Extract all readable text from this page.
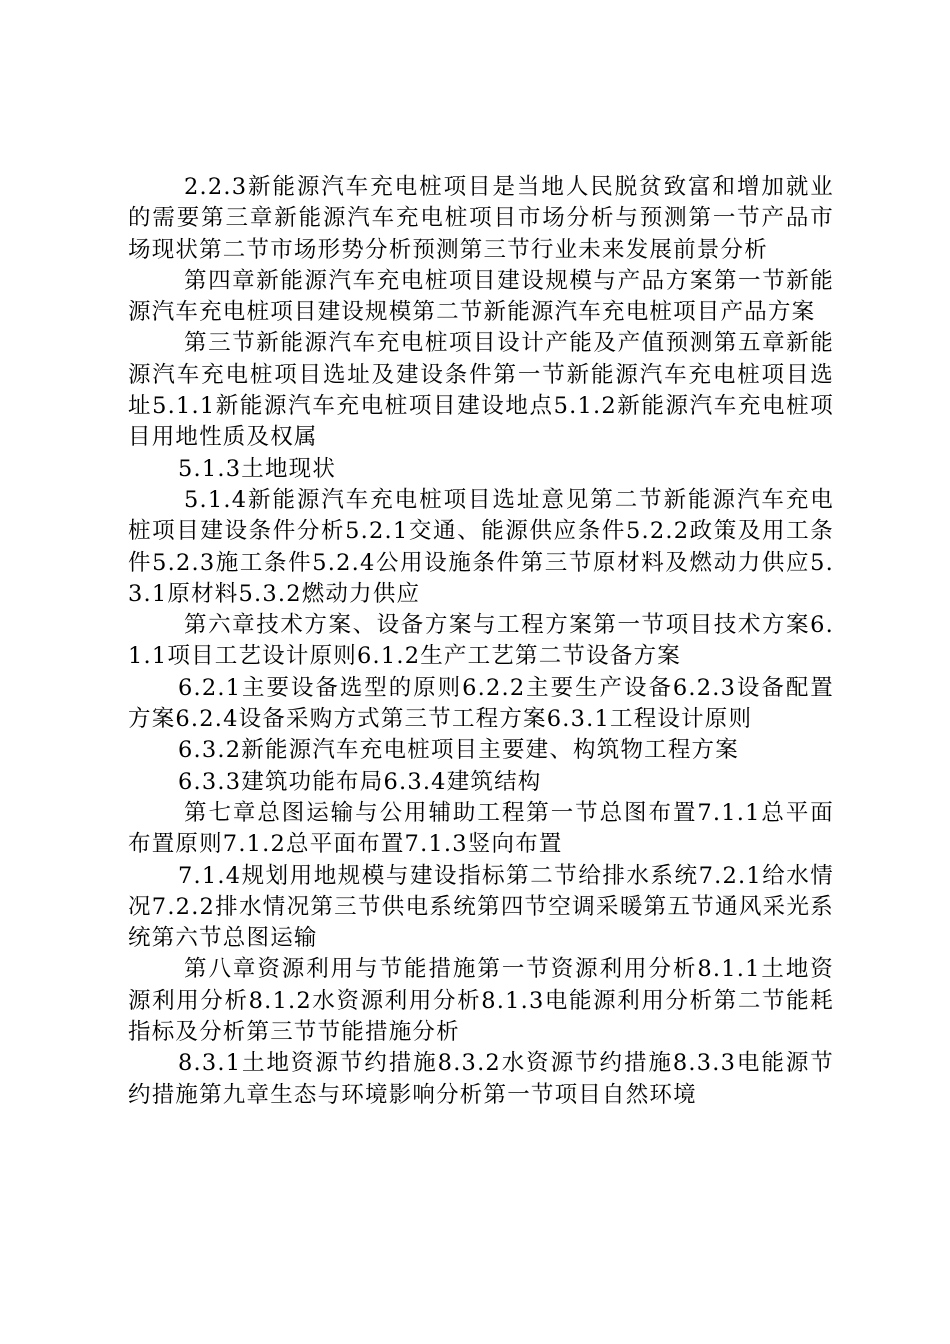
2.2.3新能源汽车充电桩项目是当地人民脱贫致富和增加就业的需要第三章新能源汽车充电桩项目市场分析与预测第一节产品市场现状第二节市场形势分析预测第三节行业未来发展前景分析

第四章新能源汽车充电桩项目建设规模与产品方案第一节新能源汽车充电桩项目建设规模第二节新能源汽车充电桩项目产品方案

第三节新能源汽车充电桩项目设计产能及产值预测第五章新能源汽车充电桩项目选址及建设条件第一节新能源汽车充电桩项目选址5.1.1新能源汽车充电桩项目建设地点5.1.2新能源汽车充电桩项目用地性质及权属

5.1.3土地现状

5.1.4新能源汽车充电桩项目选址意见第二节新能源汽车充电桩项目建设条件分析5.2.1交通、能源供应条件5.2.2政策及用工条件5.2.3施工条件5.2.4公用设施条件第三节原材料及燃动力供应5.3.1原材料5.3.2燃动力供应

第六章技术方案、设备方案与工程方案第一节项目技术方案6.1.1项目工艺设计原则6.1.2生产工艺第二节设备方案

6.2.1主要设备选型的原则6.2.2主要生产设备6.2.3设备配置方案6.2.4设备采购方式第三节工程方案6.3.1工程设计原则

6.3.2新能源汽车充电桩项目主要建、构筑物工程方案

6.3.3建筑功能布局6.3.4建筑结构

第七章总图运输与公用辅助工程第一节总图布置7.1.1总平面布置原则7.1.2总平面布置7.1.3竖向布置

7.1.4规划用地规模与建设指标第二节给排水系统7.2.1给水情况7.2.2排水情况第三节供电系统第四节空调采暖第五节通风采光系统第六节总图运输

第八章资源利用与节能措施第一节资源利用分析8.1.1土地资源利用分析8.1.2水资源利用分析8.1.3电能源利用分析第二节能耗指标及分析第三节节能措施分析

8.3.1土地资源节约措施8.3.2水资源节约措施8.3.3电能源节约措施第九章生态与环境影响分析第一节项目自然环境
